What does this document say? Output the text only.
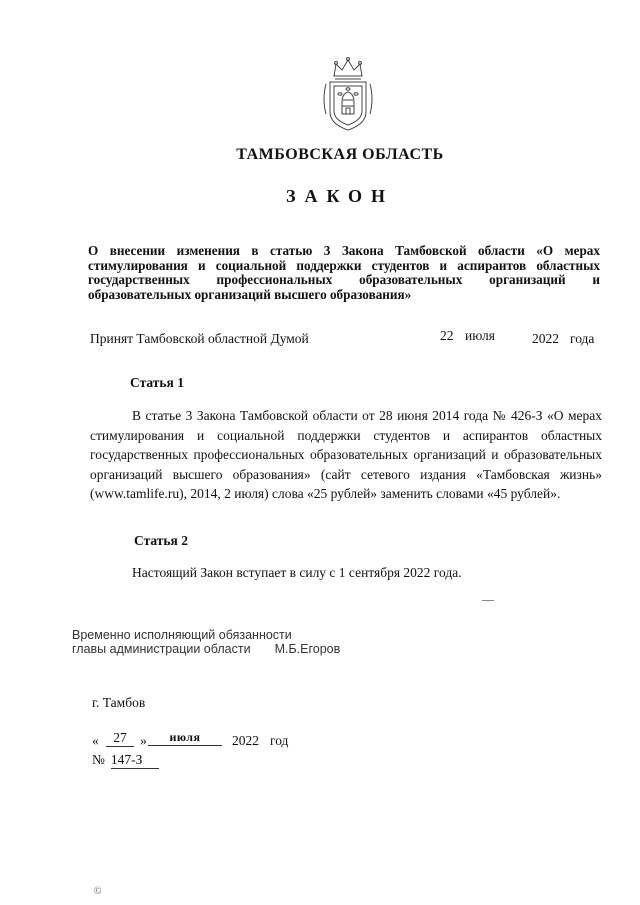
ТАМБОВСКАЯ ОБЛАСТЬ
ЗАКОН
О внесении изменения в статью 3 Закона Тамбовской области «О мерах стимулирования и социальной поддержки студентов и аспирантов областных государственных профессиональных образовательных организаций и образовательных организаций высшего образования»
Принят Тамбовской областной Думой	22 июля	2022 года
Статья 1
В статье 3 Закона Тамбовской области от 28 июня 2014 года № 426-З «О мерах стимулирования и социальной поддержки студентов и аспирантов областных государственных профессиональных образовательных организаций и образовательных организаций высшего образования» (сайт сетевого издания «Тамбовская жизнь» (www.tamlife.ru), 2014, 2 июля) слова «25 рублей» заменить словами «45 рублей».
Статья 2
Настоящий Закон вступает в силу с 1 сентября 2022 года.
Временно исполняющий обязанности
главы администрации области М.Б.Егоров
г. Тамбов
«	27 »	июля	2022 год
№ 147-З
©
